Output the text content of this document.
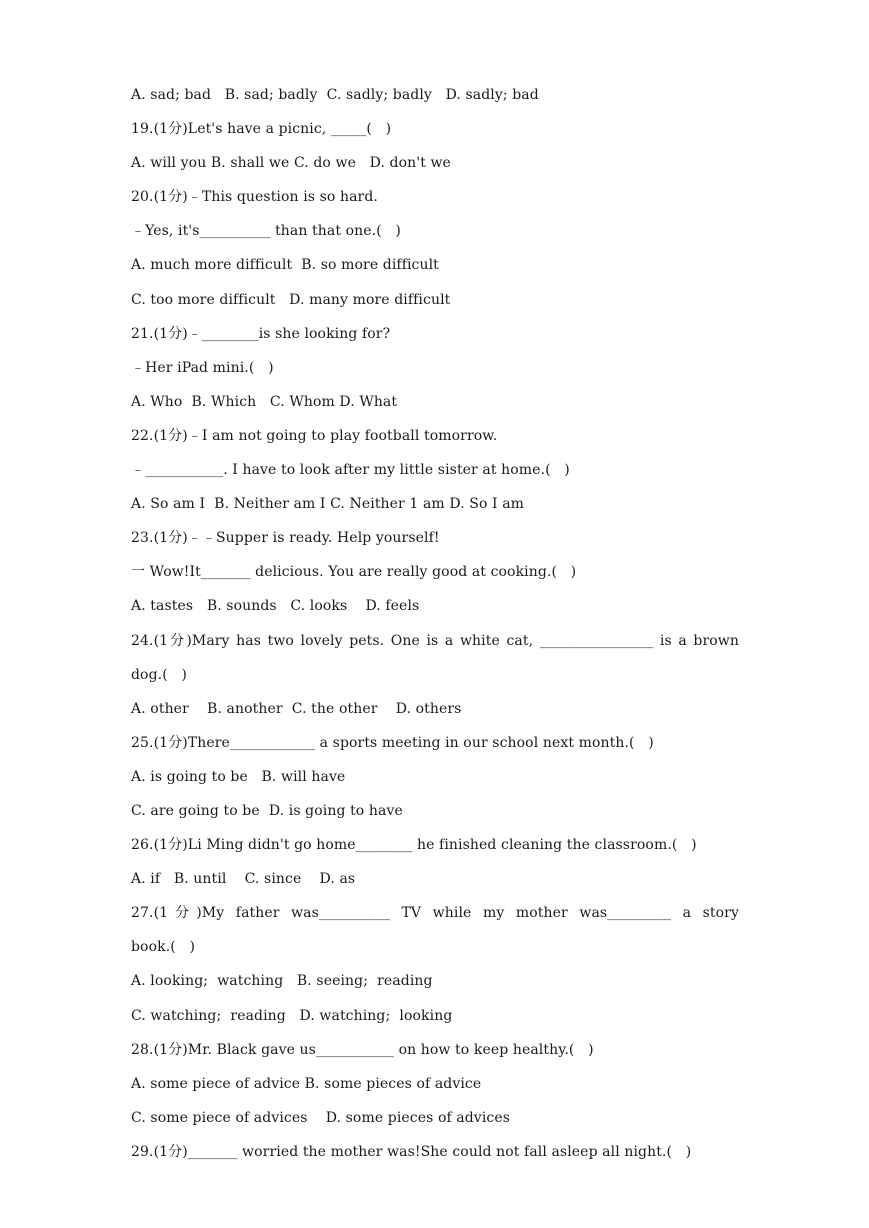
A. sad; bad   B. sad; badly  C. sadly; badly   D. sadly; bad
19.(1分)Let's have a picnic, _____(   )
A. will you B. shall we C. do we   D. don't we
20.(1分)﹣This question is so hard.
﹣Yes, it's__________ than that one.(   )
A. much more difficult  B. so more difficult
C. too more difficult   D. many more difficult
21.(1分)﹣________is she looking for?
﹣Her iPad mini.(   )
A. Who  B. Which   C. Whom D. What
22.(1分)﹣I am not going to play football tomorrow.
﹣___________. I have to look after my little sister at home.(   )
A. So am I  B. Neither am I C. Neither 1 am D. So I am
23.(1分)﹣﹣Supper is ready. Help yourself!
一 Wow!It_______ delicious. You are really good at cooking.(   )
A. tastes   B. sounds   C. looks    D. feels
24.(1分)Mary has two lovely pets. One is a white cat, ________________ is a brown
dog.(   )
A. other    B. another  C. the other    D. others
25.(1分)There____________ a sports meeting in our school next month.(   )
A. is going to be   B. will have
C. are going to be  D. is going to have
26.(1分)Li Ming didn't go home________ he finished cleaning the classroom.(   )
A. if   B. until    C. since    D. as
27.(1分)My father was__________ TV while my mother was_________ a story
book.(   )
A. looking;  watching   B. seeing;  reading
C. watching;  reading   D. watching;  looking
28.(1分)Mr. Black gave us___________ on how to keep healthy.(   )
A. some piece of advice B. some pieces of advice
C. some piece of advices    D. some pieces of advices
29.(1分)_______ worried the mother was!She could not fall asleep all night.(   )
